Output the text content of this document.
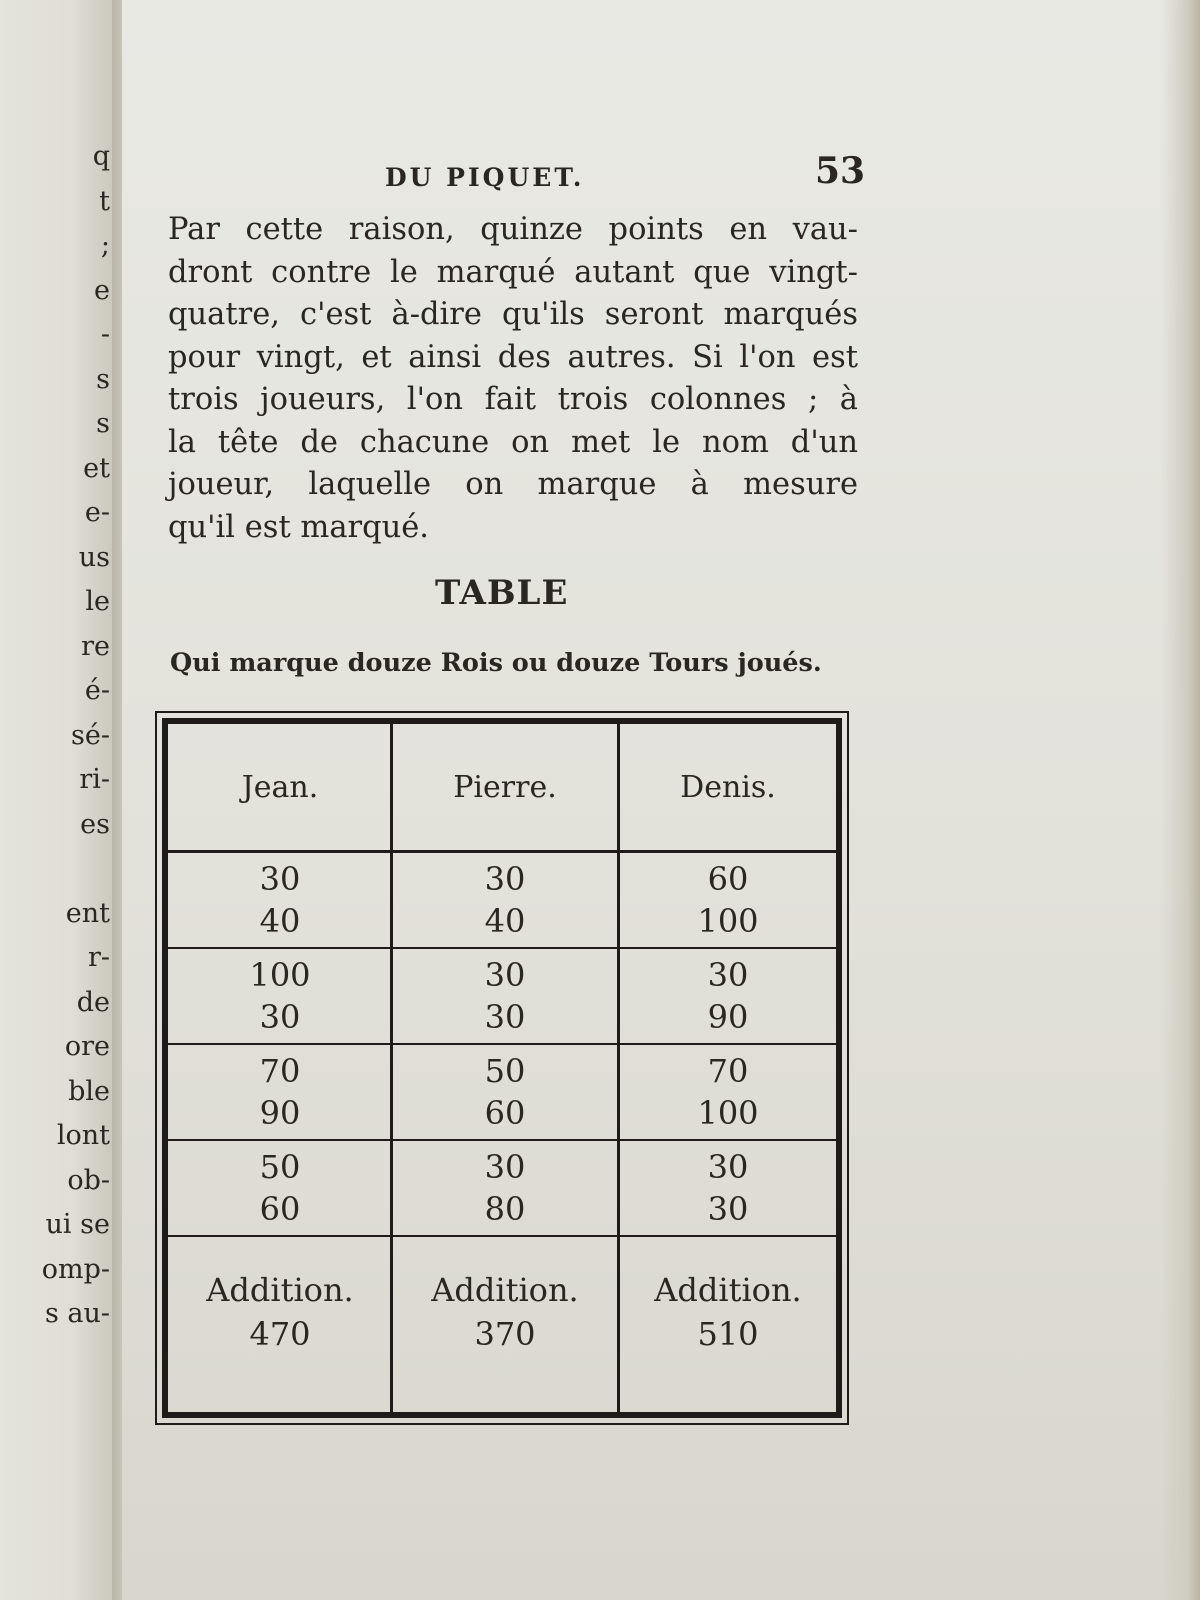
q
t
;
e
-
s
s
et
e-
us
le
re
é-
sé-
ri-
es
ent
r-
de
ore
ble
lont
ob-
ui se
omp-
s au-
DU PIQUET.	53
Par cette raison, quinze points en vau-
dront contre le marqué autant que vingt-
quatre, c'est à-dire qu'ils seront marqués
pour vingt, et ainsi des autres. Si l'on est
trois joueurs, l'on fait trois colonnes ; à
la tête de chacune on met le nom d'un
joueur, laquelle on marque à mesure
qu'il est marqué.
TABLE
Qui marque douze Rois ou douze Tours joués.
Jean.
30
40
100
30
70
90
50
60
Addition.
470
Pierre.
30
40
30
30
50
60
30
80
Addition.
370
Denis.
60
100
30
90
70
100
30
30
Addition.
510
